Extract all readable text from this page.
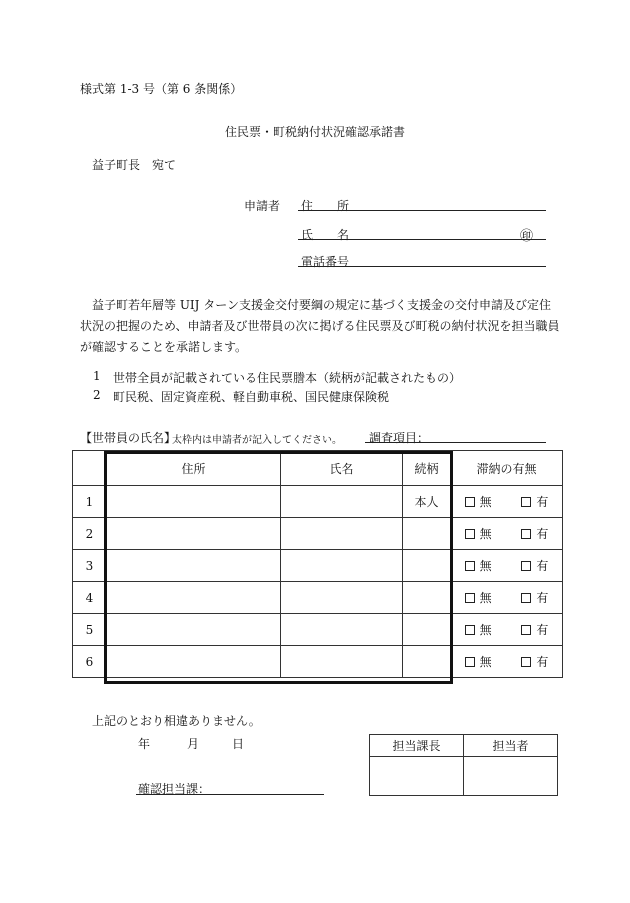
様式第 1-3 号（第 6 条関係）
住民票・町税納付状況確認承諾書
益子町長　宛て
申請者 住　　所
氏　　名	㊞
電話番号
益子町若年層等 UIJ ターン支援金交付要綱の規定に基づく支援金の交付申請及び定住状況の把握のため、申請者及び世帯員の次に掲げる住民票及び町税の納付状況を担当職員が確認することを承諾します。
1 世帯全員が記載されている住民票謄本（続柄が記載されたもの）
2 町民税、固定資産税、軽自動車税、国民健康保険税
【世帯員の氏名】
太枠内は申請者が記入してください。 調査項目：
	住所	氏名	続柄	滞納の有無
1			本人	無 有
2				無 有
3				無 有
4				無 有
5				無 有
6				無 有
上記のとおり相違ありません。
年	月	日
確認担当課：
担当課長	担当者
